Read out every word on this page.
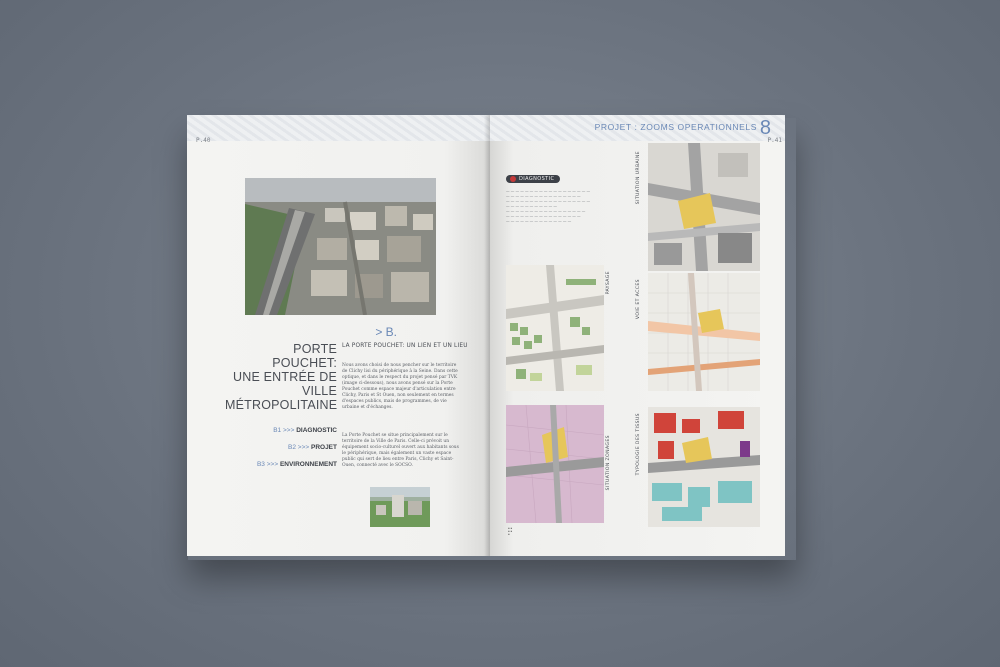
P.40
> B.
PORTE POUCHET:
UNE ENTRÉE DE
VILLE
MÉTROPOLITAINE
LA PORTE POUCHET: UN LIEN ET UN LIEU
B1 >>> DIAGNOSTIC
B2 >>> PROJET
B3 >>> ENVIRONNEMENT
Nous avons choisi de nous pencher sur le territoire de Clichy lisi du périphérique à la Seine. Dans cette optique, et dans le respect du projet pensé par TVK (image ci-dessous), nous avons pensé sur la Porte Pouchet comme espace majeur d'articulation entre Clichy, Paris et St Ouen, non seulement en termes d'espaces publics, mais de programmes, de vie urbaine et d'échanges.
La Porte Pouchet se situe principalement sur le territoire de la Ville de Paris. Celle-ci prévoit un équipement socio-culturel ouvert aux habitants sous le périphérique, mais également un vaste espace public qui sert de lieu entre Paris, Clichy et Saint-Ouen, connecté avec le SOCSO.
PROJET : ZOOMS OPERATIONNELS 8
P.41
DIAGNOSTIC
— — — — — — — — — — — — — — — — — —
— — — — — — — — — — — — — — — —
— — — — — — — — — — — — — — — — — —
— — — — — — — — — — —
— — — — — — — — — — — — — — — — —
— — — — — — — — — — — — — — — —
— — — — — — — — — — — — — —
SITUATION URBAINE
VOIE ET ACCES
TYPOLOGIE DES TISSUS
SITUATION ZONAGES
▪ ▪
▪ ▪
▪
PAYSAGE
